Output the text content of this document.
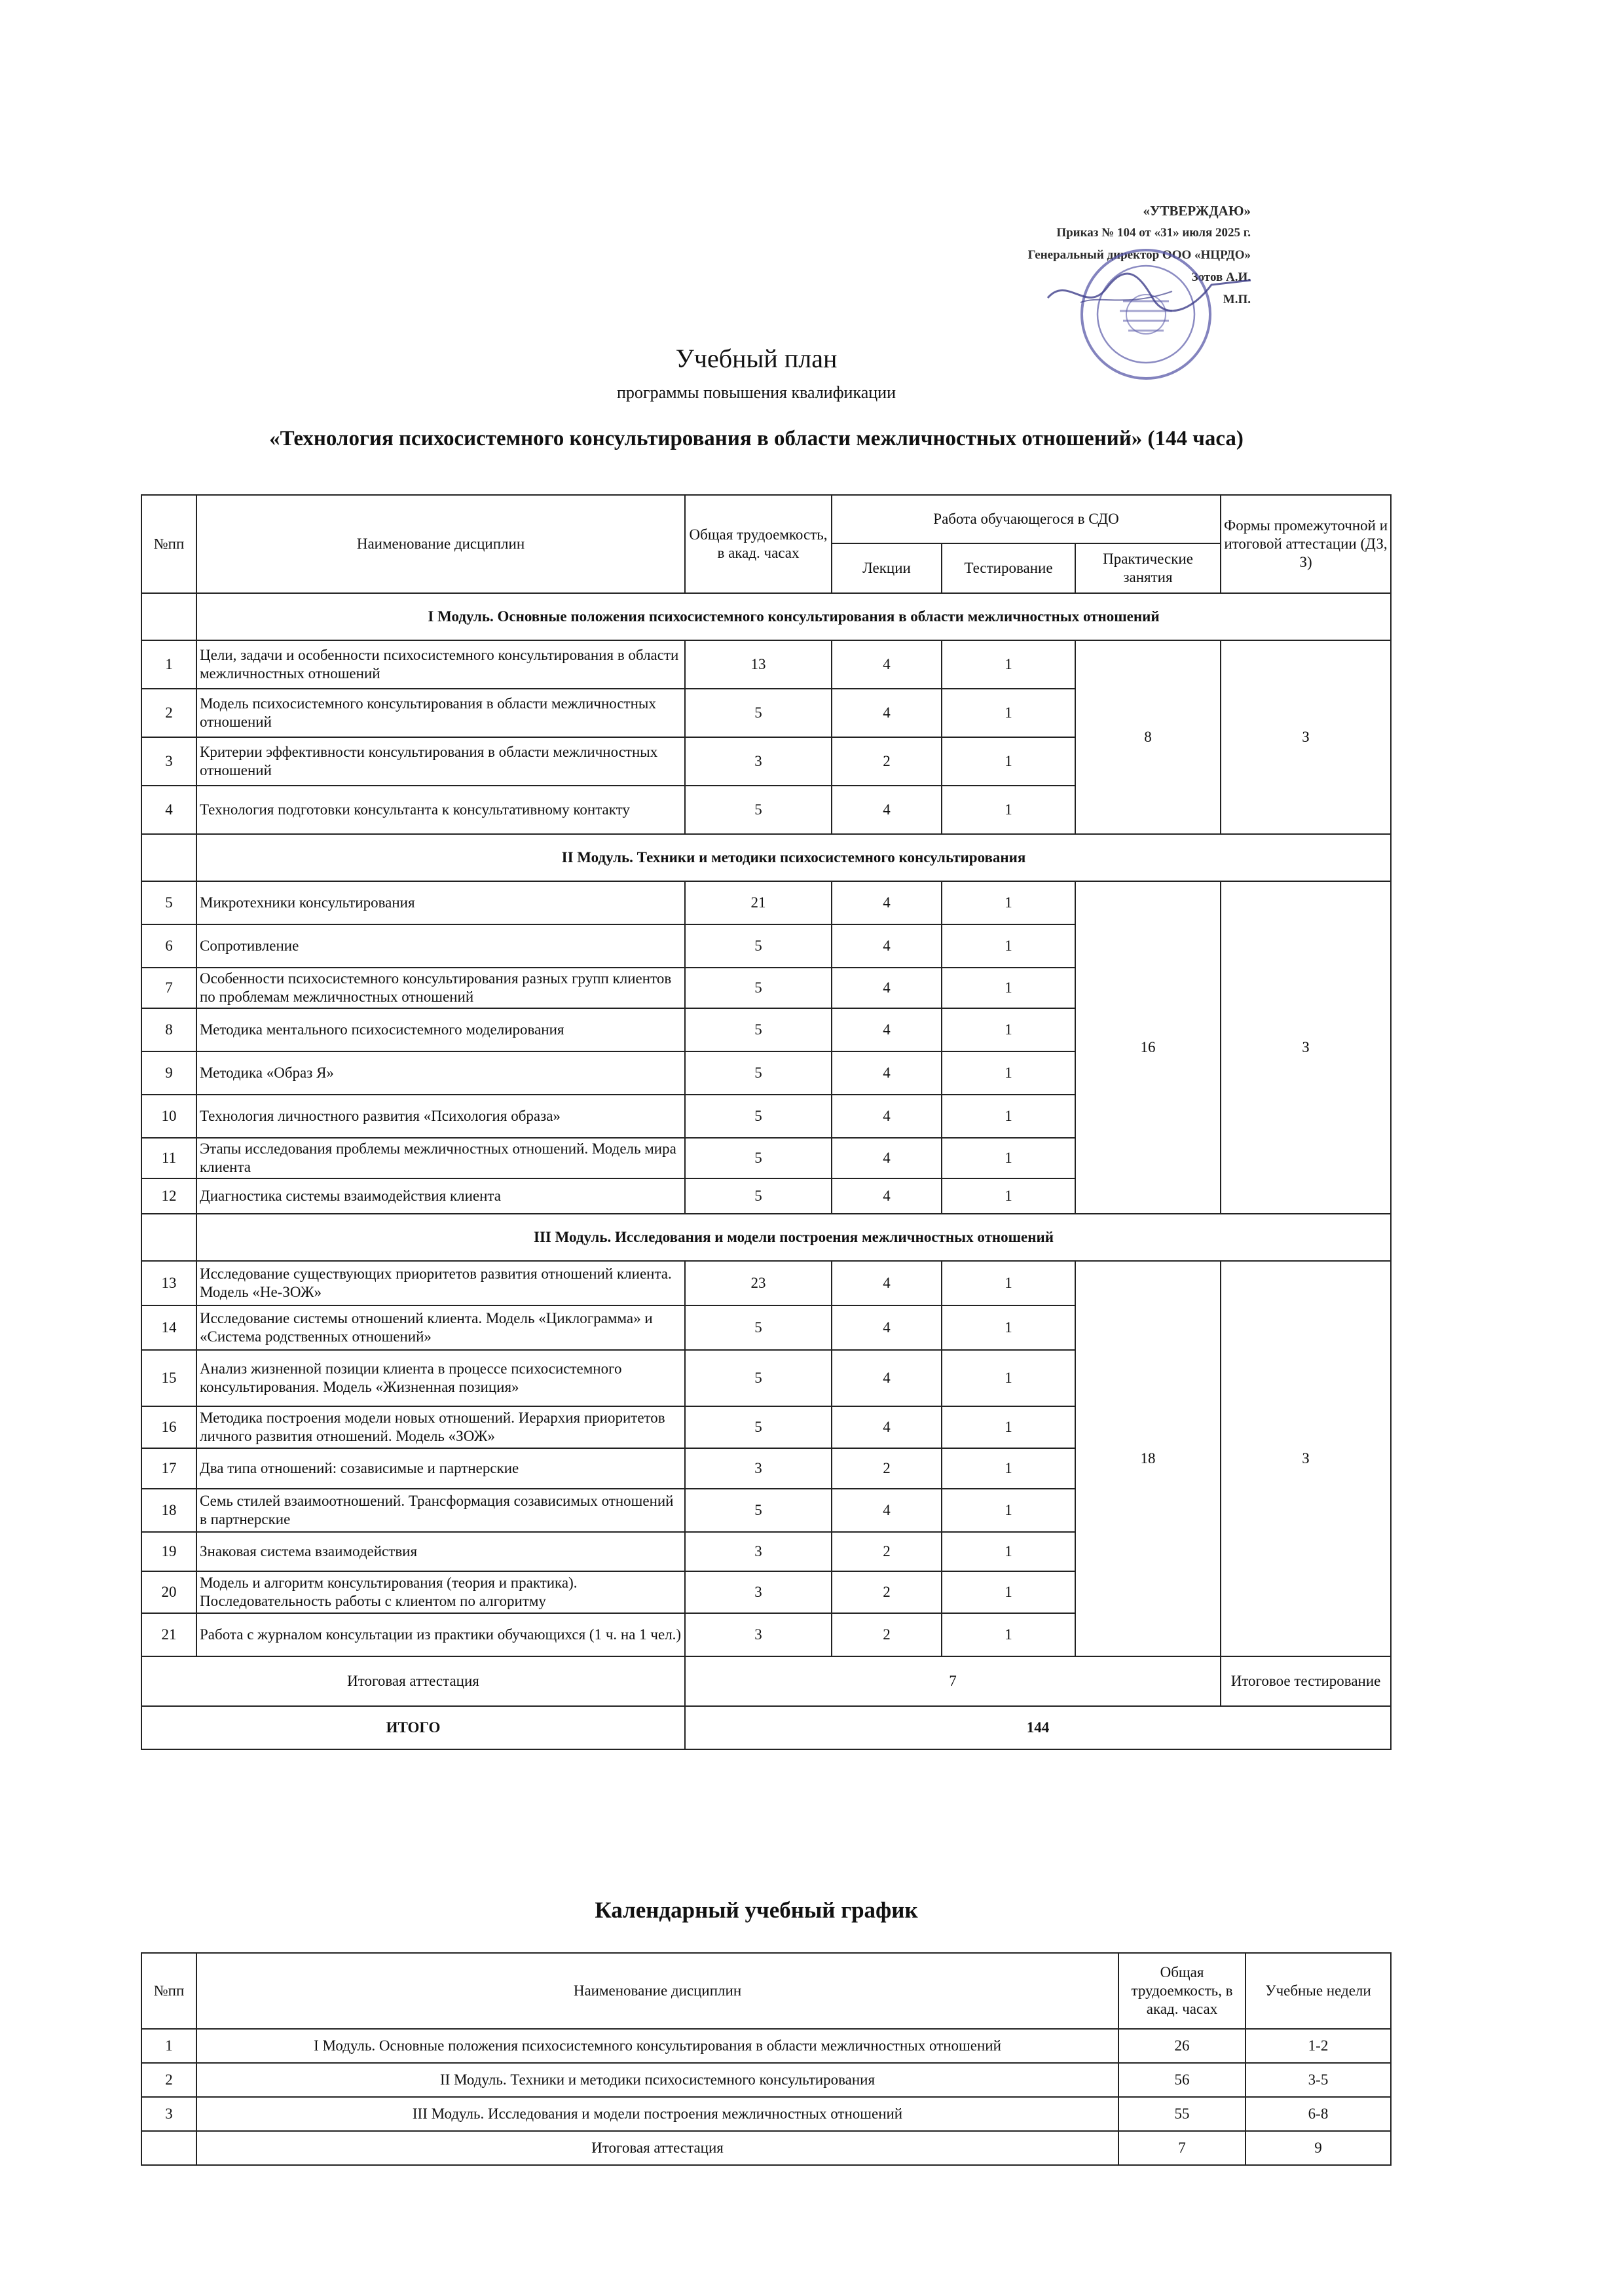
«УТВЕРЖДАЮ»
Приказ № 104 от «31» июля 2025 г.
Генеральный директор ООО «НЦРДО»
Зотов А.И.
М.П.
Учебный план
программы повышения квалификации
«Технология психосистемного консультирования в области межличностных отношений» (144 часа)
№пп	Наименование дисциплин	Общая трудоемкость, в акад. часах	Работа обучающегося в СДО			Формы промежуточной и итоговой аттестации (ДЗ, З)
			Лекции	Тестирование	Практические занятия	
	I Модуль. Основные положения психосистемного консультирования в области межличностных отношений					
1	Цели, задачи и особенности психосистемного консультирования в области межличностных отношений	13	4	1	8	З
2	Модель психосистемного консультирования в области межличностных отношений	5	4	1		
3	Критерии эффективности консультирования в области межличностных отношений	3	2	1		
4	Технология подготовки консультанта к консультативному контакту	5	4	1		
	II Модуль. Техники и методики психосистемного консультирования					
5	Микротехники консультирования	21	4	1	16	З
6	Сопротивление	5	4	1		
7	Особенности психосистемного консультирования разных групп клиентов по проблемам межличностных отношений	5	4	1		
8	Методика ментального психосистемного моделирования	5	4	1		
9	Методика «Образ Я»	5	4	1		
10	Технология личностного развития «Психология образа»	5	4	1		
11	Этапы исследования проблемы межличностных отношений. Модель мира клиента	5	4	1		
12	Диагностика системы взаимодействия клиента	5	4	1		
	III Модуль. Исследования и модели построения межличностных отношений					
13	Исследование существующих приоритетов развития отношений клиента. Модель «Не-ЗОЖ»	23	4	1	18	З
14	Исследование системы отношений клиента. Модель «Циклограмма» и «Система родственных отношений»	5	4	1		
15	Анализ жизненной позиции клиента в процессе психосистемного консультирования. Модель «Жизненная позиция»	5	4	1		
16	Методика построения модели новых отношений. Иерархия приоритетов личного развития отношений. Модель «ЗОЖ»	5	4	1		
17	Два типа отношений: созависимые и партнерские	3	2	1		
18	Семь стилей взаимоотношений. Трансформация созависимых отношений в партнерские	5	4	1		
19	Знаковая система взаимодействия	3	2	1		
20	Модель и алгоритм консультирования (теория и практика). Последовательность работы с клиентом по алгоритму	3	2	1		
21	Работа с журналом консультации из практики обучающихся (1 ч. на 1 чел.)	3	2	1		
Итоговая аттестация		7				Итоговое тестирование
ИТОГО		144				
Календарный учебный график
№пп	Наименование дисциплин	Общая трудоемкость, в акад. часах	Учебные недели
1	I Модуль. Основные положения психосистемного консультирования в области межличностных отношений	26	1-2
2	II Модуль. Техники и методики психосистемного консультирования	56	3-5
3	III Модуль. Исследования и модели построения межличностных отношений	55	6-8
	Итоговая аттестация	7	9
